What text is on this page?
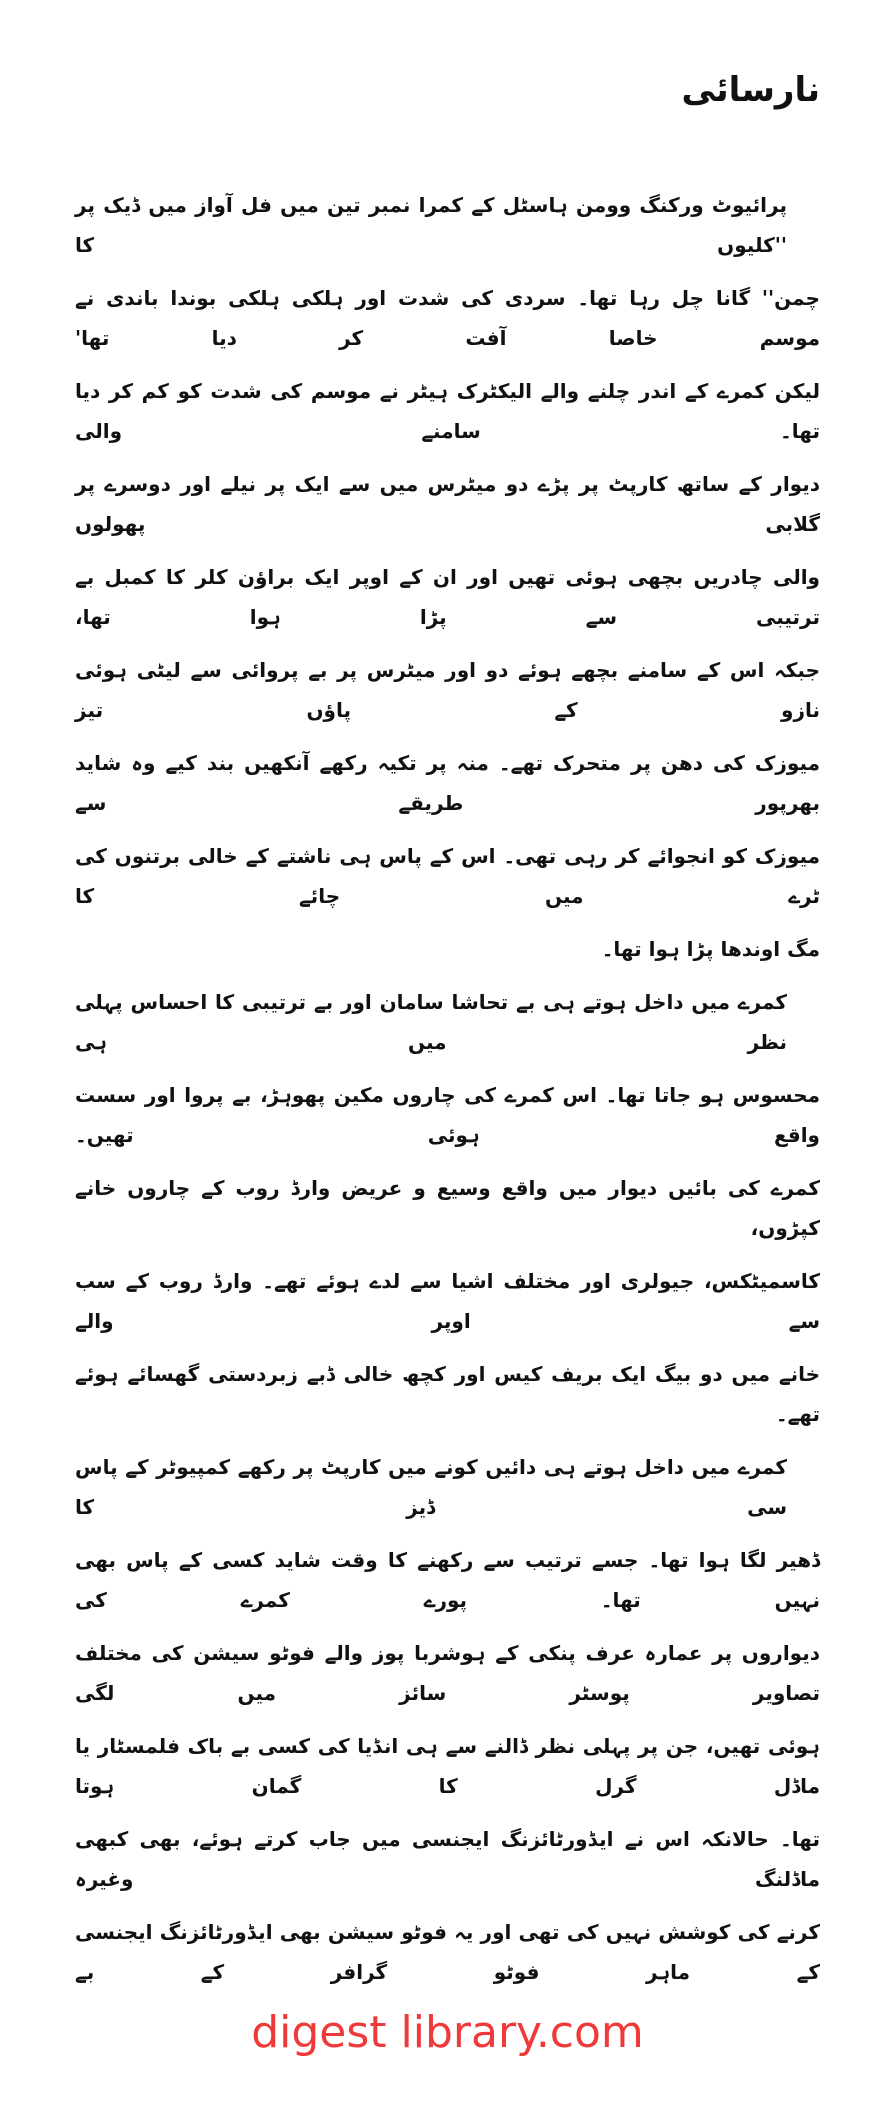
نارسائی
پرائیوٹ ورکنگ وومن ہاسٹل کے کمرا نمبر تین میں فل آواز میں ڈیک پر ''کلیوں کا
چمن'' گانا چل رہا تھا۔ سردی کی شدت اور ہلکی ہلکی بوندا باندی نے موسم خاصا آفت کر دیا تھا'
لیکن کمرے کے اندر چلنے والے الیکٹرک ہیٹر نے موسم کی شدت کو کم کر دیا تھا۔ سامنے والی
دیوار کے ساتھ کارپٹ پر پڑے دو میٹرس میں سے ایک پر نیلے اور دوسرے پر گلابی پھولوں
والی چادریں بچھی ہوئی تھیں اور ان کے اوپر ایک براؤن کلر کا کمبل بے ترتیبی سے پڑا ہوا تھا،
جبکہ اس کے سامنے بچھے ہوئے دو اور میٹرس پر بے پروائی سے لیٹی ہوئی نازو کے پاؤں تیز
میوزک کی دھن پر متحرک تھے۔ منہ پر تکیہ رکھے آنکھیں بند کیے وہ شاید بھرپور طریقے سے
میوزک کو انجوائے کر رہی تھی۔ اس کے پاس ہی ناشتے کے خالی برتنوں کی ٹرے میں چائے کا
مگ اوندھا پڑا ہوا تھا۔
کمرے میں داخل ہوتے ہی بے تحاشا سامان اور بے ترتیبی کا احساس پہلی نظر میں ہی
محسوس ہو جاتا تھا۔ اس کمرے کی چاروں مکین پھوہڑ، بے پروا اور سست واقع ہوئی تھیں۔
کمرے کی بائیں دیوار میں واقع وسیع و عریض وارڈ روب کے چاروں خانے کپڑوں،
کاسمیٹکس، جیولری اور مختلف اشیا سے لدے ہوئے تھے۔ وارڈ روب کے سب سے اوپر والے
خانے میں دو بیگ ایک بریف کیس اور کچھ خالی ڈبے زبردستی گھسائے ہوئے تھے۔
کمرے میں داخل ہوتے ہی دائیں کونے میں کارپٹ پر رکھے کمپیوٹر کے پاس سی ڈیز کا
ڈھیر لگا ہوا تھا۔ جسے ترتیب سے رکھنے کا وقت شاید کسی کے پاس بھی نہیں تھا۔ پورے کمرے کی
دیواروں پر عمارہ عرف پنکی کے ہوشربا پوز والے فوٹو سیشن کی مختلف تصاویر پوسٹر سائز میں لگی
ہوئی تھیں، جن پر پہلی نظر ڈالنے سے ہی انڈیا کی کسی بے باک فلمسٹار یا ماڈل گرل کا گمان ہوتا
تھا۔ حالانکہ اس نے ایڈورٹائزنگ ایجنسی میں جاب کرتے ہوئے، بھی کبھی ماڈلنگ وغیرہ
کرنے کی کوشش نہیں کی تھی اور یہ فوٹو سیشن بھی ایڈورٹائزنگ ایجنسی کے ماہر فوٹو گرافر کے بے
digest library.com
